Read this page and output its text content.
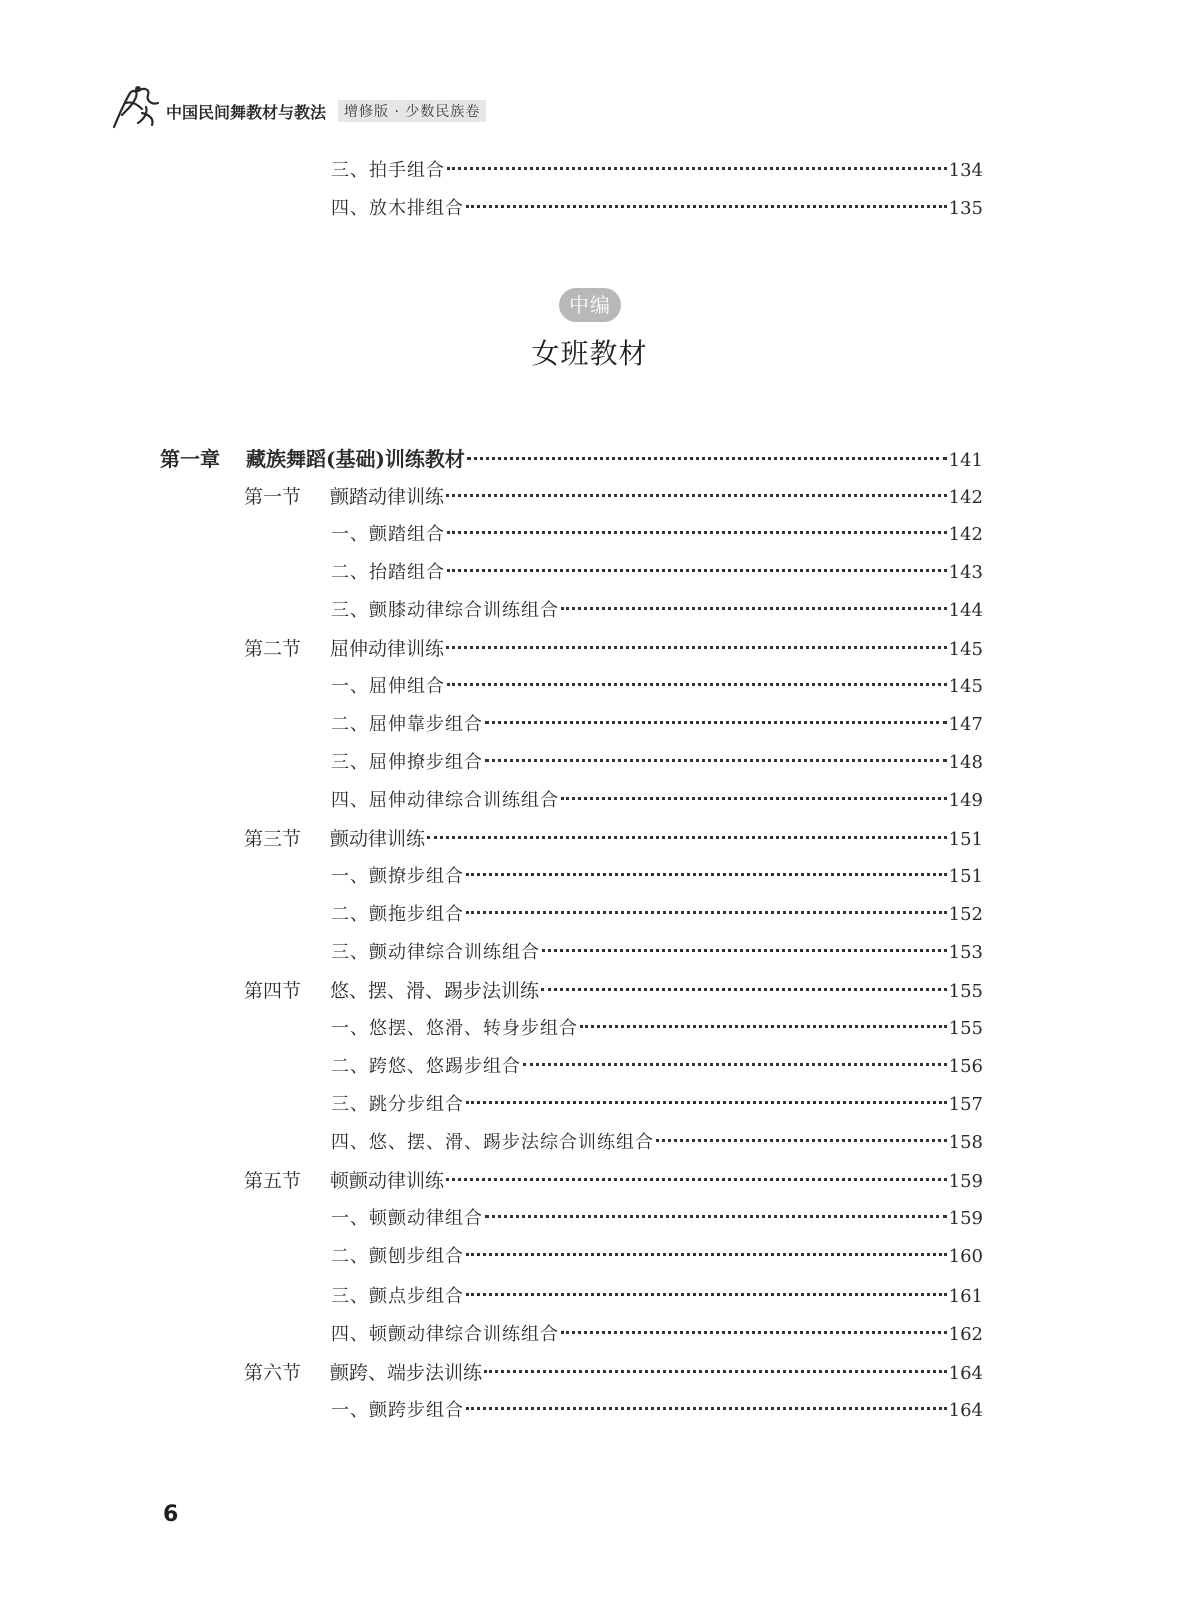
中国民间舞教材与教法	增修版 · 少数民族卷
三、拍手组合	134
四、放木排组合	135
中编
女班教材
第一章 藏族舞蹈(基础)训练教材	141
第一节 颤踏动律训练	142
一、颤踏组合	142
二、抬踏组合	143
三、颤膝动律综合训练组合	144
第二节 屈伸动律训练	145
一、屈伸组合	145
二、屈伸靠步组合	147
三、屈伸撩步组合	148
四、屈伸动律综合训练组合	149
第三节 颤动律训练	151
一、颤撩步组合	151
二、颤拖步组合	152
三、颤动律综合训练组合	153
第四节 悠、摆、滑、踢步法训练	155
一、悠摆、悠滑、转身步组合	155
二、跨悠、悠踢步组合	156
三、跳分步组合	157
四、悠、摆、滑、踢步法综合训练组合	158
第五节 顿颤动律训练	159
一、顿颤动律组合	159
二、颤刨步组合	160
三、颤点步组合	161
四、顿颤动律综合训练组合	162
第六节 颤跨、端步法训练	164
一、颤跨步组合	164
6
